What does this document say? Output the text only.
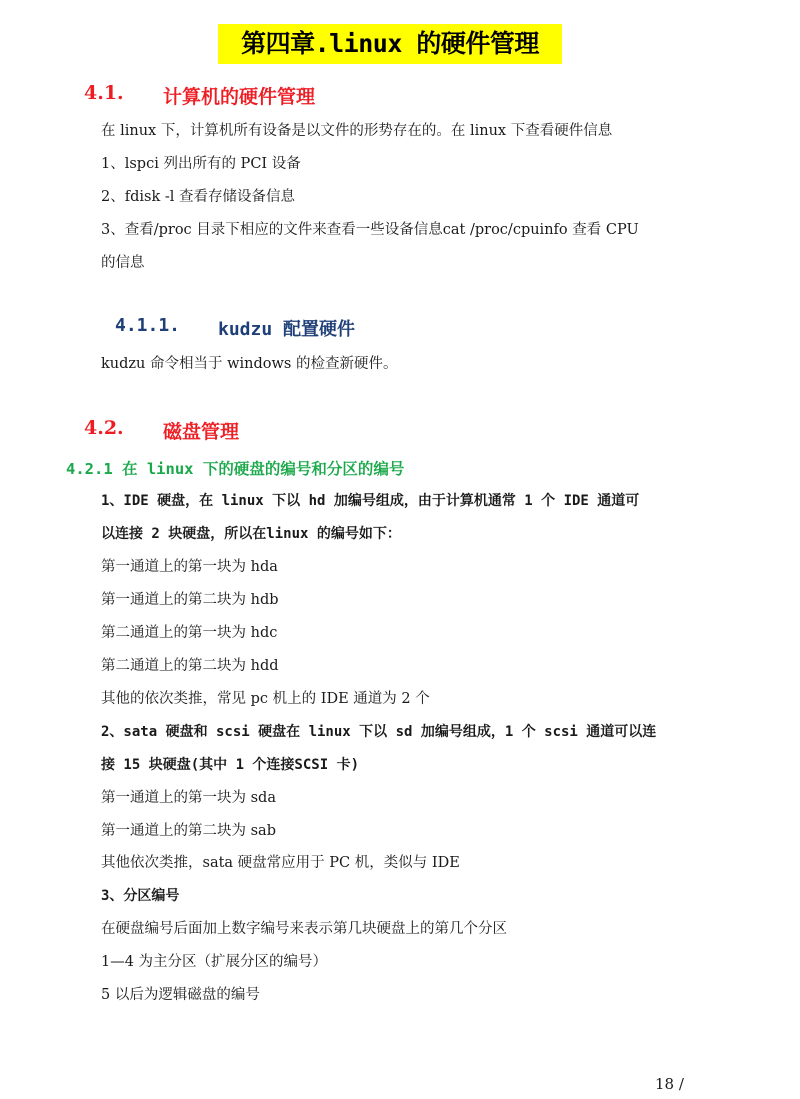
第四章.linux 的硬件管理
4.1. 计算机的硬件管理
在 linux 下，计算机所有设备是以文件的形势存在的。在 linux 下查看硬件信息
1、lspci 列出所有的 PCI 设备
2、fdisk -l 查看存储设备信息
3、查看/proc 目录下相应的文件来查看一些设备信息cat /proc/cpuinfo 查看 CPU
的信息
4.1.1. kudzu 配置硬件
kudzu 命令相当于 windows 的检查新硬件。
4.2. 磁盘管理
4.2.1 在 linux 下的硬盘的编号和分区的编号
1、IDE 硬盘，在 linux 下以 hd 加编号组成，由于计算机通常 1 个 IDE 通道可
以连接 2 块硬盘，所以在linux 的编号如下：
第一通道上的第一块为 hda
第一通道上的第二块为 hdb
第二通道上的第一块为 hdc
第二通道上的第二块为 hdd
其他的依次类推，常见 pc 机上的 IDE 通道为 2 个
2、sata 硬盘和 scsi 硬盘在 linux 下以 sd 加编号组成，1 个 scsi 通道可以连
接 15 块硬盘(其中 1 个连接SCSI 卡)
第一通道上的第一块为 sda
第一通道上的第二块为 sab
其他依次类推，sata 硬盘常应用于 PC 机，类似与 IDE
3、分区编号
在硬盘编号后面加上数字编号来表示第几块硬盘上的第几个分区
1—4 为主分区（扩展分区的编号）
5 以后为逻辑磁盘的编号
18 /
